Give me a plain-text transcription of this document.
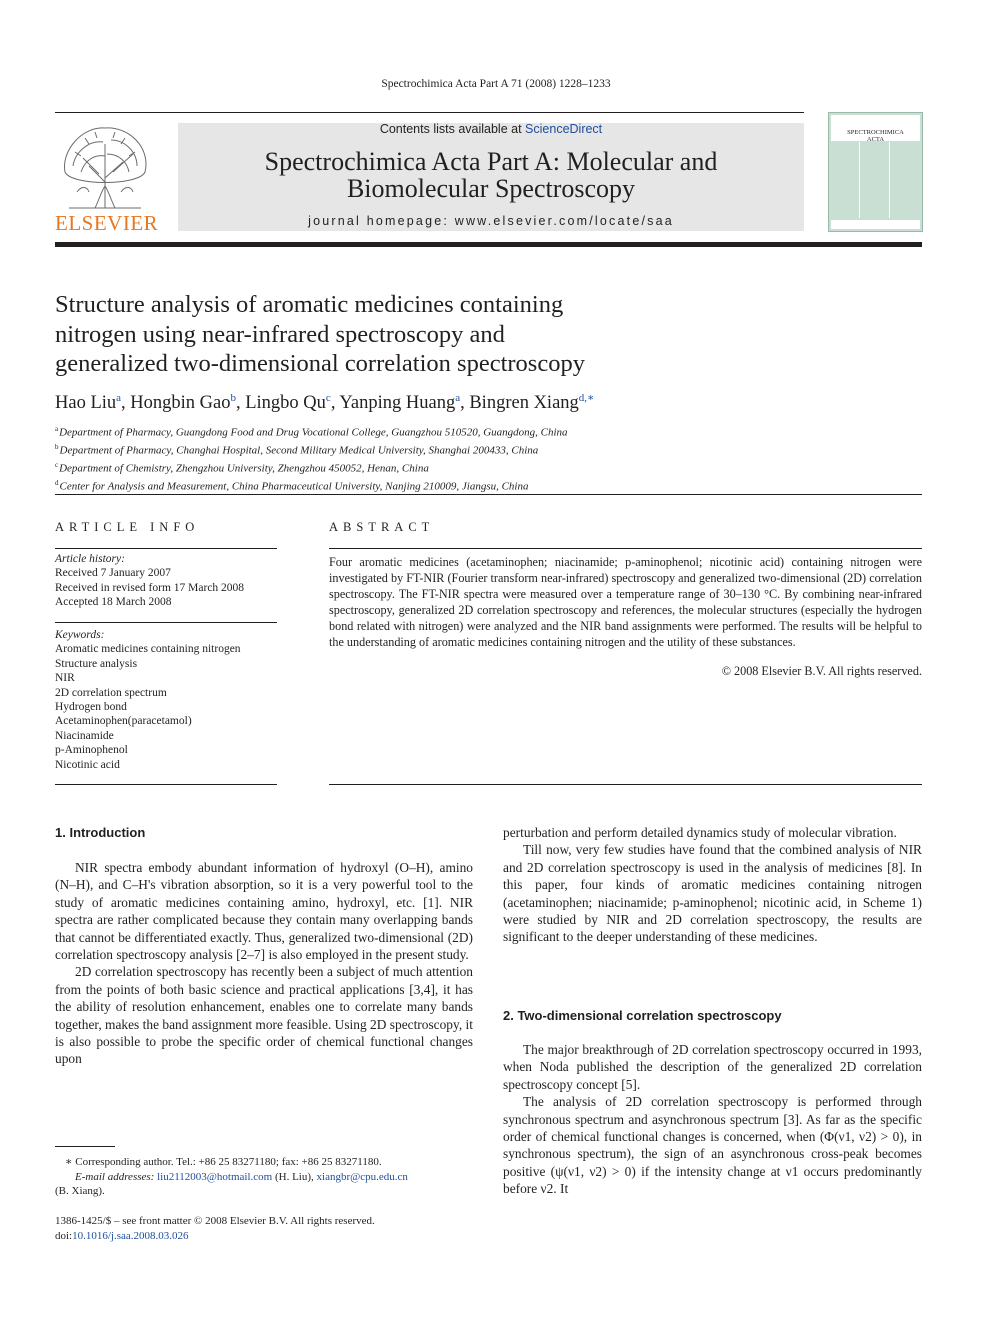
Spectrochimica Acta Part A 71 (2008) 1228–1233
ELSEVIER
Contents lists available at ScienceDirect
Spectrochimica Acta Part A: Molecular and
Biomolecular Spectroscopy
journal homepage: www.elsevier.com/locate/saa
SPECTROCHIMICA
ACTA
Structure analysis of aromatic medicines containing
nitrogen using near-infrared spectroscopy and
generalized two-dimensional correlation spectroscopy
Hao Liu$^a$, Hongbin Gao$^b$, Lingbo Qu$^c$, Yanping Huang$^a$, Bingren Xiang$^{d,∗}$
$^a$Department of Pharmacy, Guangdong Food and Drug Vocational College, Guangzhou 510520, Guangdong, China
$^b$Department of Pharmacy, Changhai Hospital, Second Military Medical University, Shanghai 200433, China
$^c$Department of Chemistry, Zhengzhou University, Zhengzhou 450052, Henan, China
$^d$Center for Analysis and Measurement, China Pharmaceutical University, Nanjing 210009, Jiangsu, China
ARTICLE INFO
Article history:
Received 7 January 2007
Received in revised form 17 March 2008
Accepted 18 March 2008
Keywords:
Aromatic medicines containing nitrogen
Structure analysis
NIR
2D correlation spectrum
Hydrogen bond
Acetaminophen(paracetamol)
Niacinamide
p-Aminophenol
Nicotinic acid
ABSTRACT
Four aromatic medicines (acetaminophen; niacinamide; p-aminophenol; nicotinic acid) containing nitrogen were investigated by FT-NIR (Fourier transform near-infrared) spectroscopy and generalized two-dimensional (2D) correlation spectroscopy. The FT-NIR spectra were measured over a temperature range of 30–130 °C. By combining near-infrared spectroscopy, generalized 2D correlation spectroscopy and references, the molecular structures (especially the hydrogen bond related with nitrogen) were analyzed and the NIR band assignments were performed. The results will be helpful to the understanding of aromatic medicines containing nitrogen and the utility of these substances.
© 2008 Elsevier B.V. All rights reserved.
1. Introduction

NIR spectra embody abundant information of hydroxyl (O–H), amino (N–H), and C–H's vibration absorption, so it is a very powerful tool to the study of aromatic medicines containing amino, hydroxyl, etc. [1]. NIR spectra are rather complicated because they contain many overlapping bands that cannot be differentiated exactly. Thus, generalized two-dimensional (2D) correlation spectroscopy analysis [2–7] is also employed in the present study.

2D correlation spectroscopy has recently been a subject of much attention from the points of both basic science and practical applications [3,4], it has the ability of resolution enhancement, enables one to correlate many bands together, makes the band assignment more feasible. Using 2D spectroscopy, it is also possible to probe the specific order of chemical functional changes upon

perturbation and perform detailed dynamics study of molecular vibration.

Till now, very few studies have found that the combined analysis of NIR and 2D correlation spectroscopy is used in the analysis of medicines [8]. In this paper, four kinds of aromatic medicines containing nitrogen (acetaminophen; niacinamide; p-aminophenol; nicotinic acid, in Scheme 1) were studied by NIR and 2D correlation spectroscopy, the results are significant to the deeper understanding of these medicines.

2. Two-dimensional correlation spectroscopy

The major breakthrough of 2D correlation spectroscopy occurred in 1993, when Noda published the description of the generalized 2D correlation spectroscopy concept [5].

The analysis of 2D correlation spectroscopy is performed through synchronous spectrum and asynchronous spectrum [3]. As far as the specific order of chemical functional changes is concerned, when (Φ(ν1, ν2) > 0), in synchronous spectrum), the sign of an asynchronous cross-peak becomes positive (ψ(ν1, ν2) > 0) if the intensity change at ν1 occurs predominantly before ν2. It

∗ Corresponding author. Tel.: +86 25 83271180; fax: +86 25 83271180.
E-mail addresses: liu2112003@hotmail.com (H. Liu), xiangbr@cpu.edu.cn
(B. Xiang).
1386-1425/$ – see front matter © 2008 Elsevier B.V. All rights reserved.
doi:10.1016/j.saa.2008.03.026
